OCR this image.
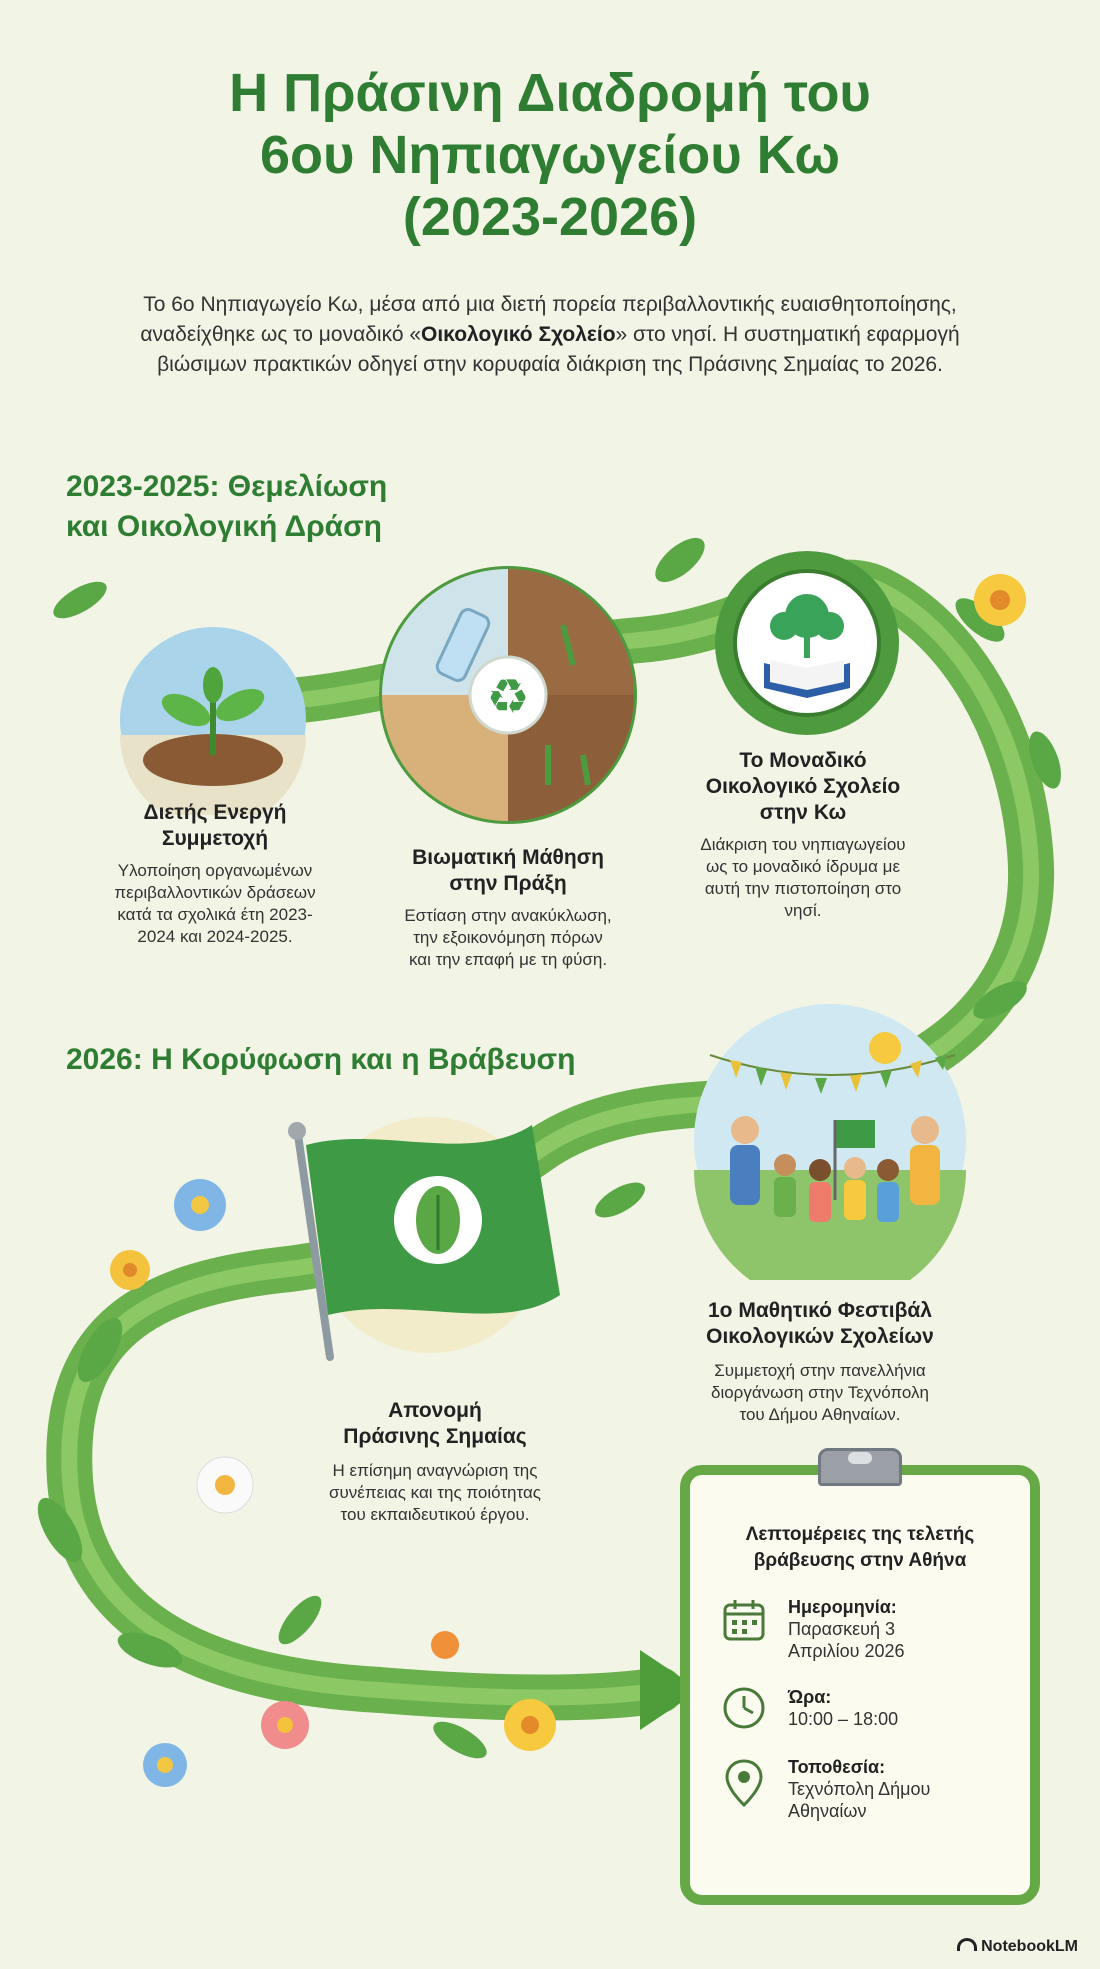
Η Πράσινη Διαδρομή του
6ου Νηπιαγωγείου Κω
(2023-2026)
Το 6ο Νηπιαγωγείο Κω, μέσα από μια διετή πορεία περιβαλλοντικής ευαισθητοποίησης, αναδείχθηκε ως το μοναδικό «Οικολογικό Σχολείο» στο νησί. Η συστηματική εφαρμογή βιώσιμων πρακτικών οδηγεί στην κορυφαία διάκριση της Πράσινης Σημαίας το 2026.
2023-2025: Θεμελίωση
και Οικολογική Δράση
♻
Διετής Ενεργή
Συμμετοχή
Υλοποίηση οργανωμένων
περιβαλλοντικών δράσεων
κατά τα σχολικά έτη 2023-
2024 και 2024-2025.
Βιωματική Μάθηση
στην Πράξη
Εστίαση στην ανακύκλωση,
την εξοικονόμηση πόρων
και την επαφή με τη φύση.
Το Μοναδικό
Οικολογικό Σχολείο
στην Κω
Διάκριση του νηπιαγωγείου
ως το μοναδικό ίδρυμα με
αυτή την πιστοποίηση στο
νησί.
2026: Η Κορύφωση και η Βράβευση
1ο Μαθητικό Φεστιβάλ
Οικολογικών Σχολείων
Συμμετοχή στην πανελλήνια
διοργάνωση στην Τεχνόπολη
του Δήμου Αθηναίων.
Απονομή
Πράσινης Σημαίας
Η επίσημη αναγνώριση της
συνέπειας και της ποιότητας
του εκπαιδευτικού έργου.
Λεπτομέρειες της τελετής
βράβευσης στην Αθήνα
Ημερομηνία:
Παρασκευή 3
Απριλίου 2026
Ώρα:
10:00 – 18:00
Τοποθεσία:
Τεχνόπολη Δήμου
Αθηναίων
NotebookLM
